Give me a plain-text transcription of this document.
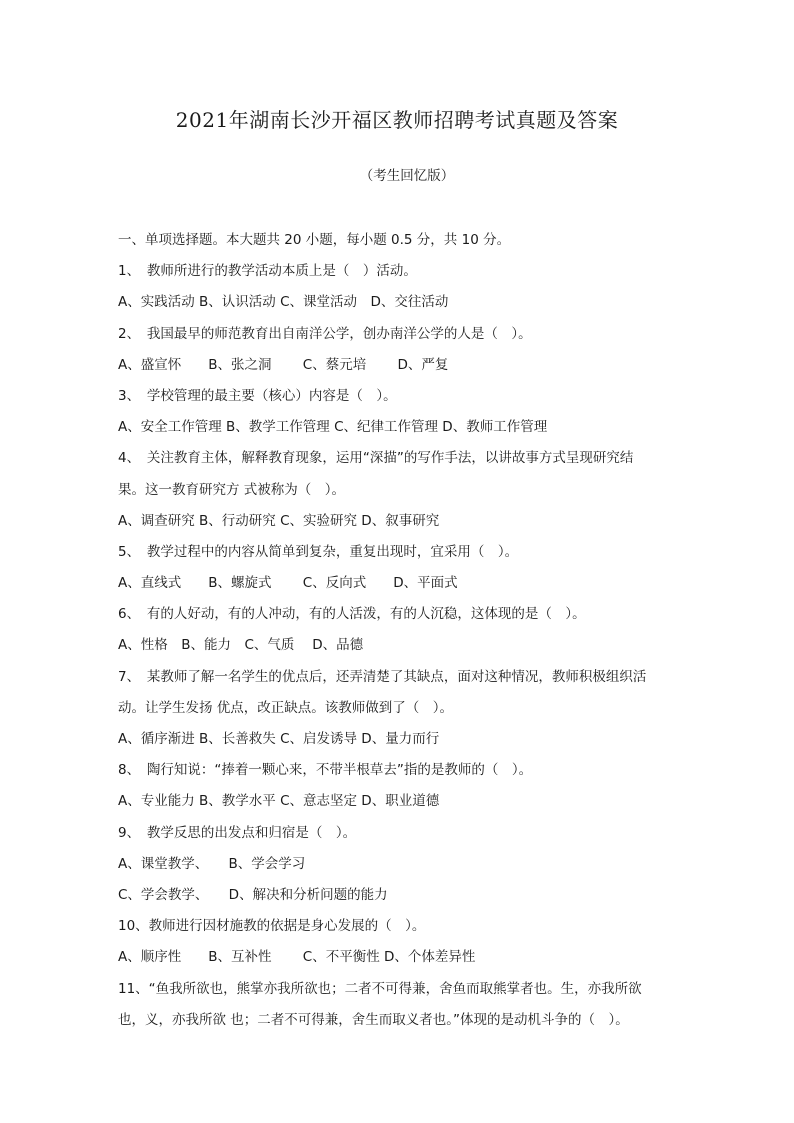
2021年湖南长沙开福区教师招聘考试真题及答案
（考生回忆版）
一、单项选择题。本大题共 20 小题，每小题 0.5 分，共 10 分。
1、　教师所进行的教学活动本质上是（　）活动。
A、实践活动 B、认识活动 C、课堂活动　D、交往活动
2、　我国最早的师范教育出自南洋公学，创办南洋公学的人是（　）。
A、盛宣怀　　B、张之洞　　 C、蔡元培　　 D、严复
3、　学校管理的最主要（核心）内容是（　）。
A、安全工作管理 B、教学工作管理 C、纪律工作管理 D、教师工作管理
4、　关注教育主体，解释教育现象，运用“深描”的写作手法，以讲故事方式呈现研究结
果。这一教育研究方 式被称为（　）。
A、调查研究 B、行动研究 C、实验研究 D、叙事研究
5、　教学过程中的内容从简单到复杂，重复出现时，宜采用（　）。
A、直线式　　B、螺旋式　　 C、反向式　　D、平面式
6、　有的人好动，有的人冲动，有的人活泼，有的人沉稳，这体现的是（　）。
A、性格　B、能力　C、气质　 D、品德
7、　某教师了解一名学生的优点后，还弄清楚了其缺点，面对这种情况，教师积极组织活
动。让学生发扬 优点，改正缺点。该教师做到了（　）。
A、循序渐进 B、长善救失 C、启发诱导 D、量力而行
8、　陶行知说：“捧着一颗心来，不带半根草去”指的是教师的（　）。
A、专业能力 B、教学水平 C、意志坚定 D、职业道德
9、　教学反思的出发点和归宿是（　）。
A、课堂教学、　　B、学会学习
C、学会教学、　　D、解决和分析问题的能力
10、教师进行因材施教的依据是身心发展的（　）。
A、顺序性　　B、互补性　　 C、不平衡性 D、个体差异性
11、“鱼我所欲也，熊掌亦我所欲也；二者不可得兼，舍鱼而取熊掌者也。生，亦我所欲
也，义，亦我所欲 也；二者不可得兼，舍生而取义者也。”体现的是动机斗争的（　）。
